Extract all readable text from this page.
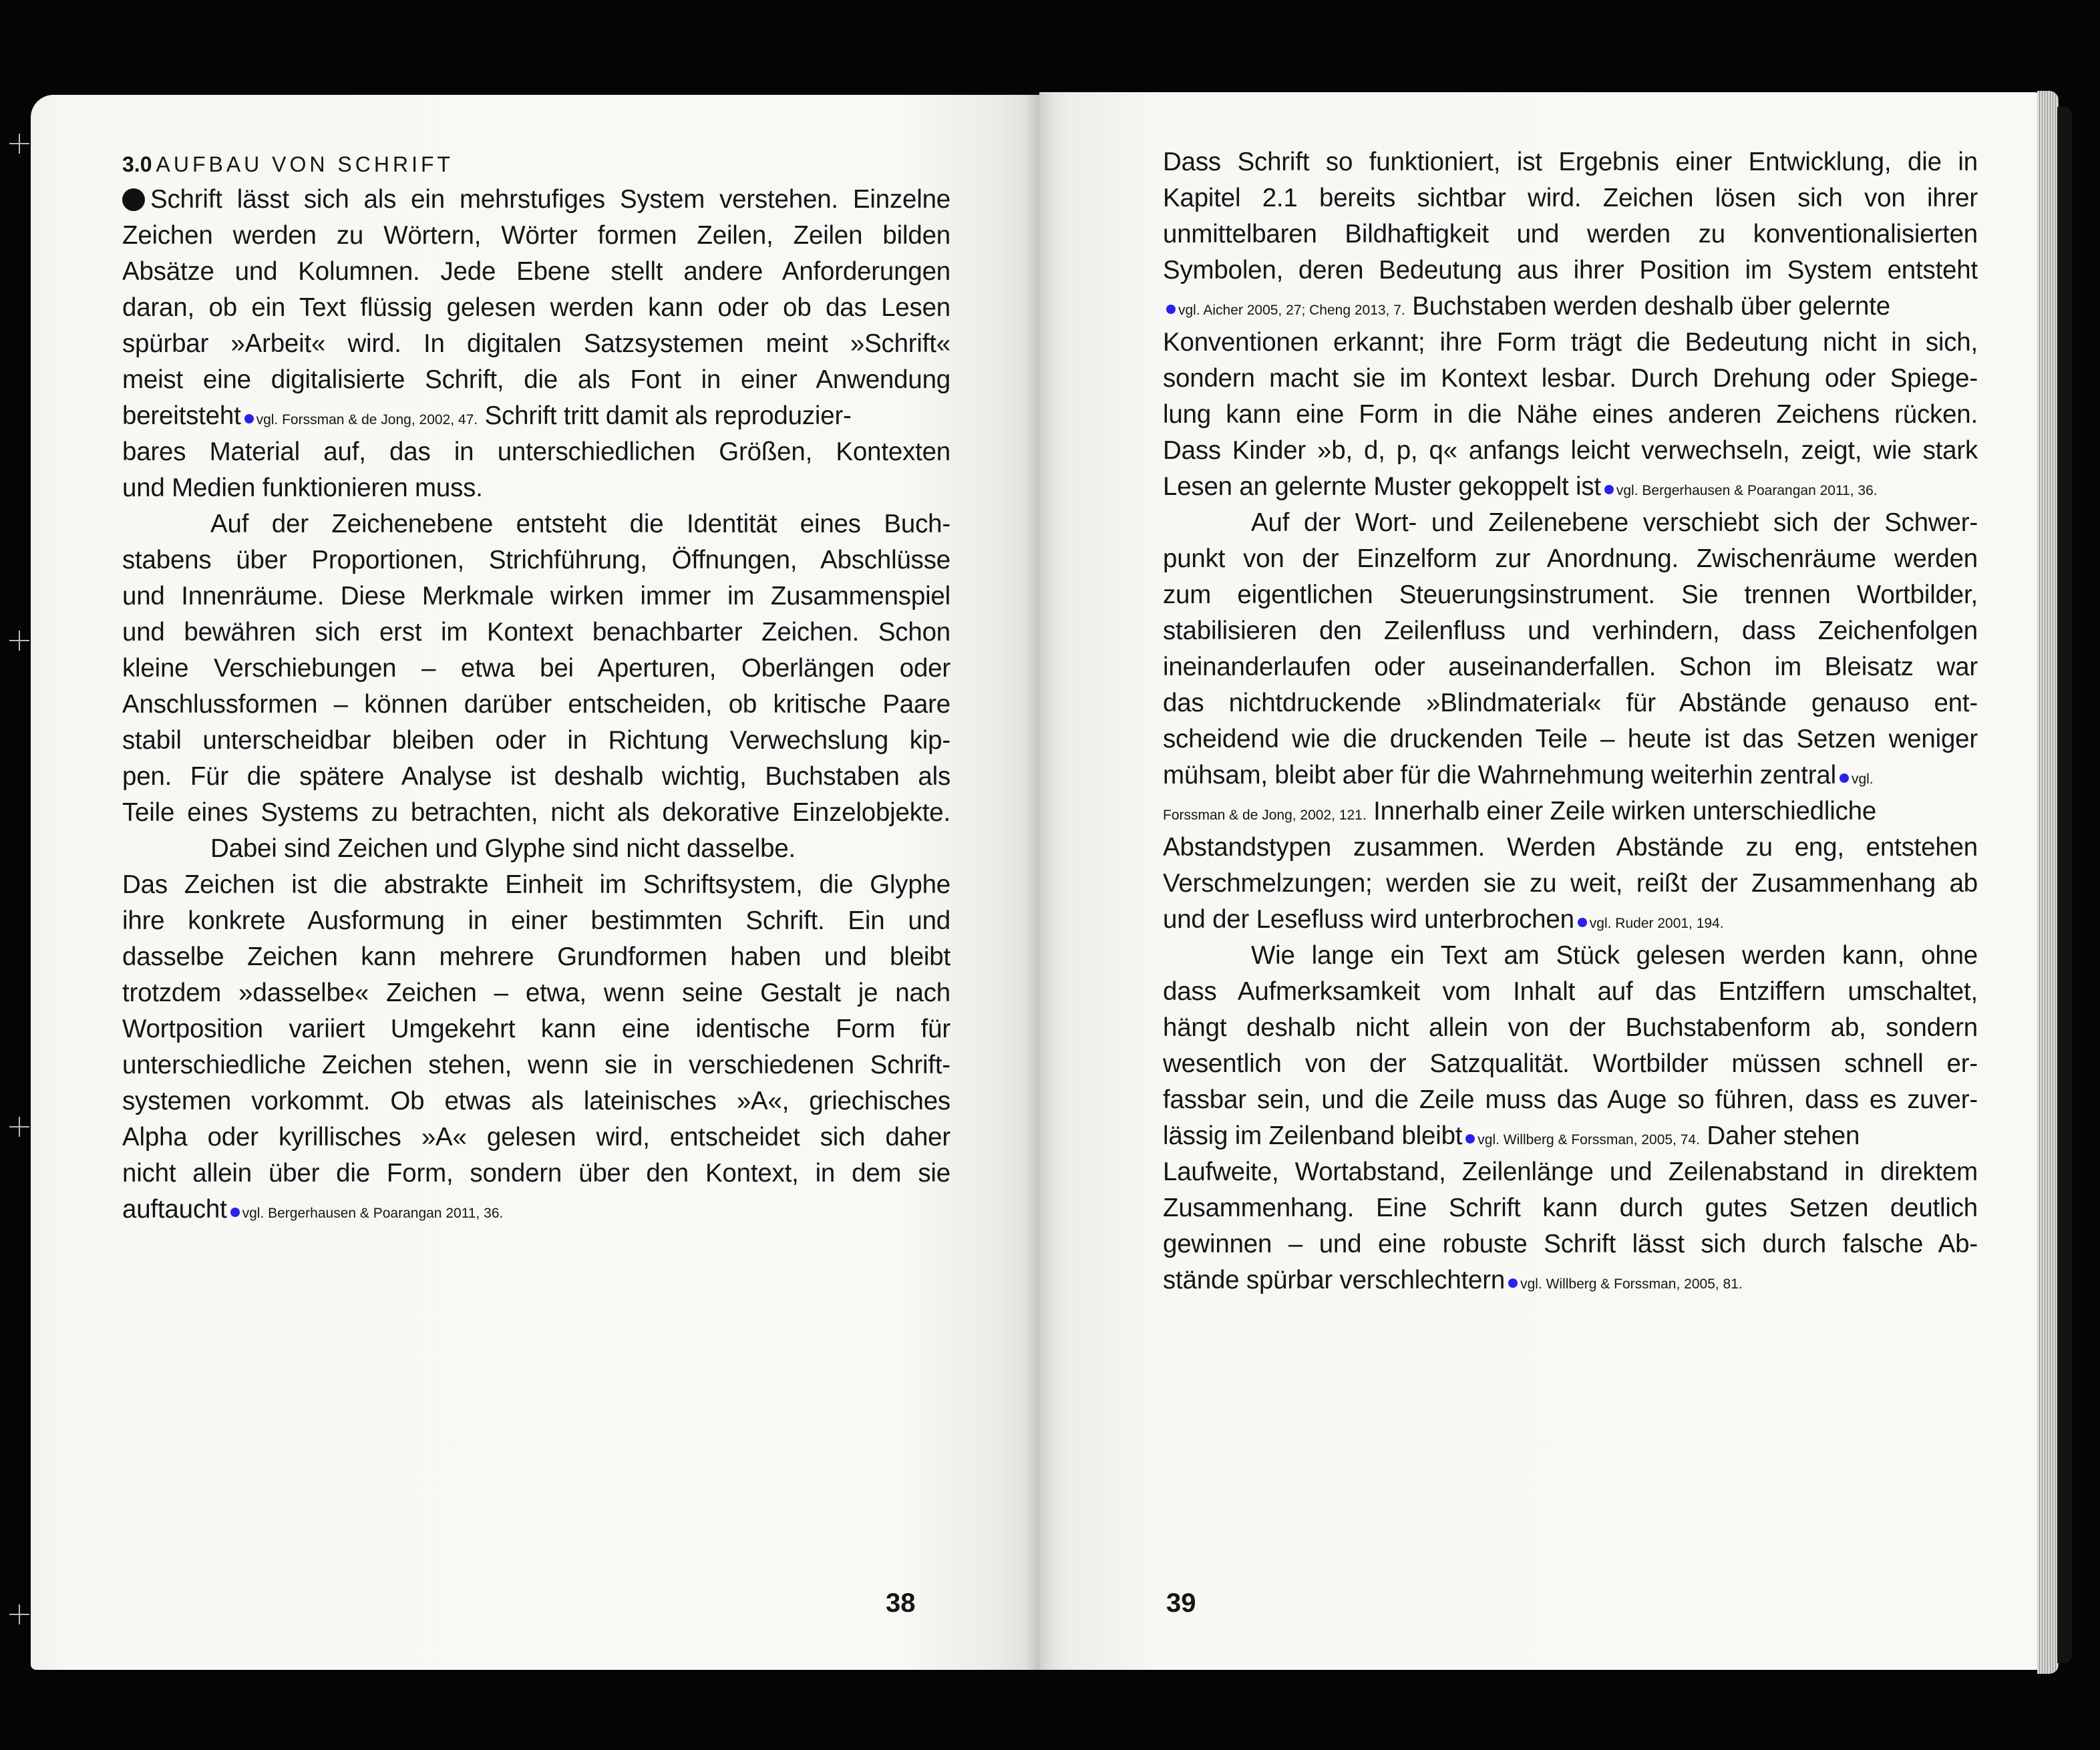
3.0 AUFBAU VON SCHRIFT
Schrift lässt sich als ein mehrstufiges System verstehen. Einzelne
Zeichen werden zu Wörtern, Wörter formen Zeilen, Zeilen bilden
Absätze und Kolumnen. Jede Ebene stellt andere Anforderungen
daran, ob ein Text flüssig gelesen werden kann oder ob das Lesen
spürbar »Arbeit« wird. In digitalen Satzsystemen meint »Schrift«
meist eine digitalisierte Schrift, die als Font in einer Anwendung
bereitsteht vgl. Forssman & de Jong, 2002, 47. Schrift tritt damit als reproduzier-
bares Material auf, das in unterschiedlichen Größen, Kontexten
und Medien funktionieren muss.
Auf der Zeichenebene entsteht die Identität eines Buch-
stabens über Proportionen, Strichführung, Öffnungen, Abschlüsse
und Innenräume. Diese Merkmale wirken immer im Zusammenspiel
und bewähren sich erst im Kontext benachbarter Zeichen. Schon
kleine Verschiebungen – etwa bei Aperturen, Oberlängen oder
Anschlussformen – können darüber entscheiden, ob kritische Paare
stabil unterscheidbar bleiben oder in Richtung Verwechslung kip-
pen. Für die spätere Analyse ist deshalb wichtig, Buchstaben als
Teile eines Systems zu betrachten, nicht als dekorative Einzelobjekte.
Dabei sind Zeichen und Glyphe sind nicht dasselbe.
Das Zeichen ist die abstrakte Einheit im Schriftsystem, die Glyphe
ihre konkrete Ausformung in einer bestimmten Schrift. Ein und
dasselbe Zeichen kann mehrere Grundformen haben und bleibt
trotzdem »dasselbe« Zeichen – etwa, wenn seine Gestalt je nach
Wortposition variiert Umgekehrt kann eine identische Form für
unterschiedliche Zeichen stehen, wenn sie in verschiedenen Schrift-
systemen vorkommt. Ob etwas als lateinisches »A«, griechisches
Alpha oder kyrillisches »A« gelesen wird, entscheidet sich daher
nicht allein über die Form, sondern über den Kontext, in dem sie
auftaucht vgl. Bergerhausen & Poarangan 2011, 36.
Dass Schrift so funktioniert, ist Ergebnis einer Entwicklung, die in
Kapitel 2.1 bereits sichtbar wird. Zeichen lösen sich von ihrer
unmittelbaren Bildhaftigkeit und werden zu konventionalisierten
Symbolen, deren Bedeutung aus ihrer Position im System entsteht
vgl. Aicher 2005, 27; Cheng 2013, 7. Buchstaben werden deshalb über gelernte
Konventionen erkannt; ihre Form trägt die Bedeutung nicht in sich,
sondern macht sie im Kontext lesbar. Durch Drehung oder Spiege-
lung kann eine Form in die Nähe eines anderen Zeichens rücken.
Dass Kinder »b, d, p, q« anfangs leicht verwechseln, zeigt, wie stark
Lesen an gelernte Muster gekoppelt ist vgl. Bergerhausen & Poarangan 2011, 36.
Auf der Wort- und Zeilenebene verschiebt sich der Schwer-
punkt von der Einzelform zur Anordnung. Zwischenräume werden
zum eigentlichen Steuerungsinstrument. Sie trennen Wortbilder,
stabilisieren den Zeilenfluss und verhindern, dass Zeichenfolgen
ineinanderlaufen oder auseinanderfallen. Schon im Bleisatz war
das nichtdruckende »Blindmaterial« für Abstände genauso ent-
scheidend wie die druckenden Teile – heute ist das Setzen weniger
mühsam, bleibt aber für die Wahrnehmung weiterhin zentral vgl.
Forssman & de Jong, 2002, 121. Innerhalb einer Zeile wirken unterschiedliche
Abstandstypen zusammen. Werden Abstände zu eng, entstehen
Verschmelzungen; werden sie zu weit, reißt der Zusammenhang ab
und der Lesefluss wird unterbrochen vgl. Ruder 2001, 194.
Wie lange ein Text am Stück gelesen werden kann, ohne
dass Aufmerksamkeit vom Inhalt auf das Entziffern umschaltet,
hängt deshalb nicht allein von der Buchstabenform ab, sondern
wesentlich von der Satzqualität. Wortbilder müssen schnell er-
fassbar sein, und die Zeile muss das Auge so führen, dass es zuver-
lässig im Zeilenband bleibt vgl. Willberg & Forssman, 2005, 74. Daher stehen
Laufweite, Wortabstand, Zeilenlänge und Zeilenabstand in direktem
Zusammenhang. Eine Schrift kann durch gutes Setzen deutlich
gewinnen – und eine robuste Schrift lässt sich durch falsche Ab-
stände spürbar verschlechtern vgl. Willberg & Forssman, 2005, 81.
38	39
